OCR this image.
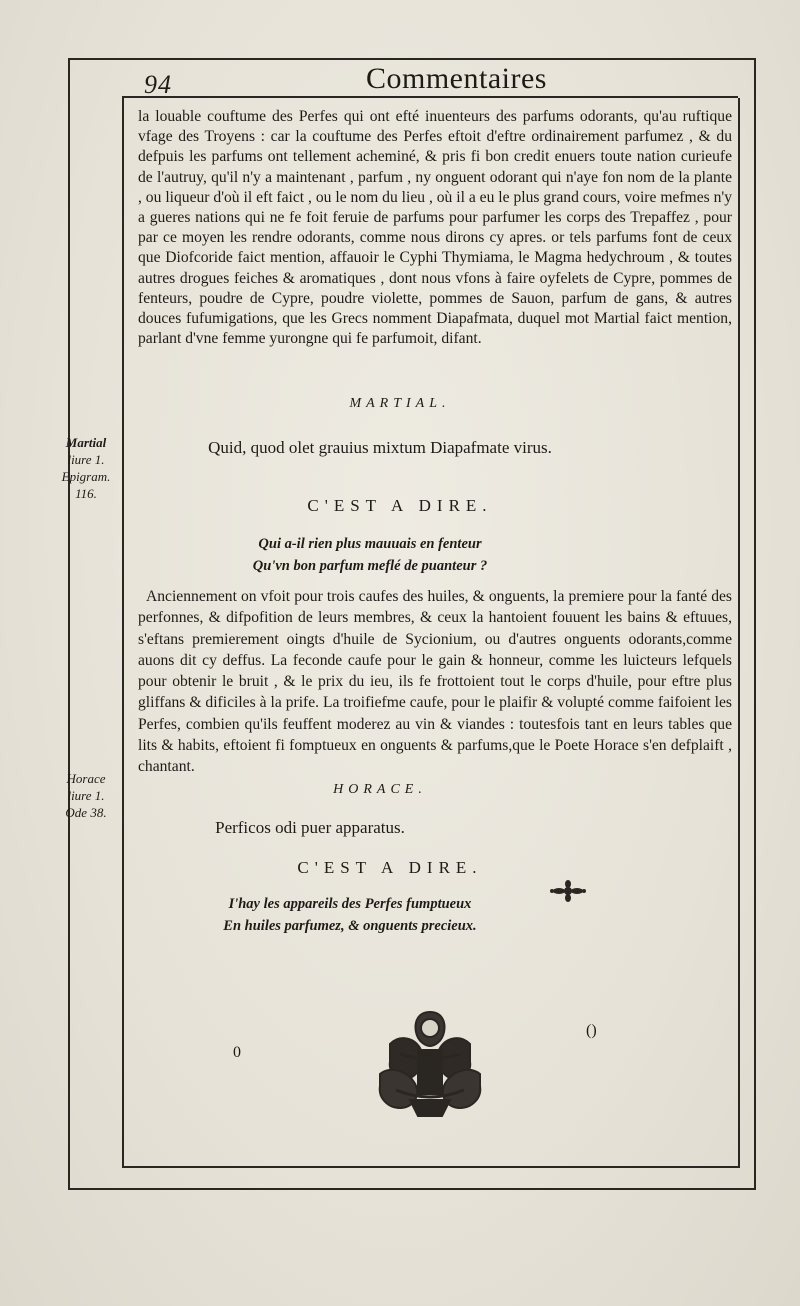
94	Commentaires

la louable couftume des Perfes qui ont efté inuenteurs des parfums odorants, qu'au ruftique vfage des Troyens : car la couftume des Perfes eftoit d'eftre ordinairement parfumez , & du defpuis les parfums ont tellement acheminé, & pris fi bon credit enuers toute nation curieufe de l'autruy, qu'il n'y a maintenant , parfum , ny onguent odorant qui n'aye fon nom de la plante , ou liqueur d'où il eft faict , ou le nom du lieu , où il a eu le plus grand cours, voire mefmes n'y a gueres nations qui ne fe foit feruie de parfums pour parfumer les corps des Trepaffez , pour par ce moyen les rendre odorants, comme nous dirons cy apres. or tels parfums font de ceux que Diofcoride faict mention, affauoir le Cyphi Thymiama, le Magma hedychroum , & toutes autres drogues feiches & aromatiques , dont nous vfons à faire oyfelets de Cypre, pommes de fenteurs, poudre de Cypre, poudre violette, pommes de Sauon, parfum de gans, & autres douces fufumigations, que les Grecs nomment Diapafmata, duquel mot Martial faict mention, parlant d'vne femme yurongne qui fe parfumoit, difant.

Martial
liure 1.
Epigram.
116.
MARTIAL.
Quid, quod olet grauius mixtum Diapafmate virus.
C'EST A DIRE.
Qui a-il rien plus mauuais en fenteur
Qu'vn bon parfum meflé de puanteur ?

Anciennement on vfoit pour trois caufes des huiles, & onguents, la premiere pour la fanté des perfonnes, & difpofition de leurs membres, & ceux la hantoient fouuent les bains & eftuues, s'eftans premierement oingts d'huile de Sycionium, ou d'autres onguents odorants,comme auons dit cy deffus. La feconde caufe pour le gain & honneur, comme les luicteurs lefquels pour obtenir le bruit , & le prix du ieu, ils fe frottoient tout le corps d'huile, pour eftre plus gliffans & dificiles à la prife. La troifiefme caufe, pour le plaifir & volupté comme faifoient les Perfes, combien qu'ils feuffent moderez au vin & viandes : toutesfois tant en leurs tables que lits & habits, eftoient fi fomptueux en onguents & parfums,que le Poete Horace s'en defplaift , chantant.

Horace
liure 1.
Ode 38.
HORACE.
Perficos odi puer apparatus.
C'EST A DIRE.
I'hay les appareils des Perfes fumptueux
En huiles parfumez, & onguents precieux.
0
()
